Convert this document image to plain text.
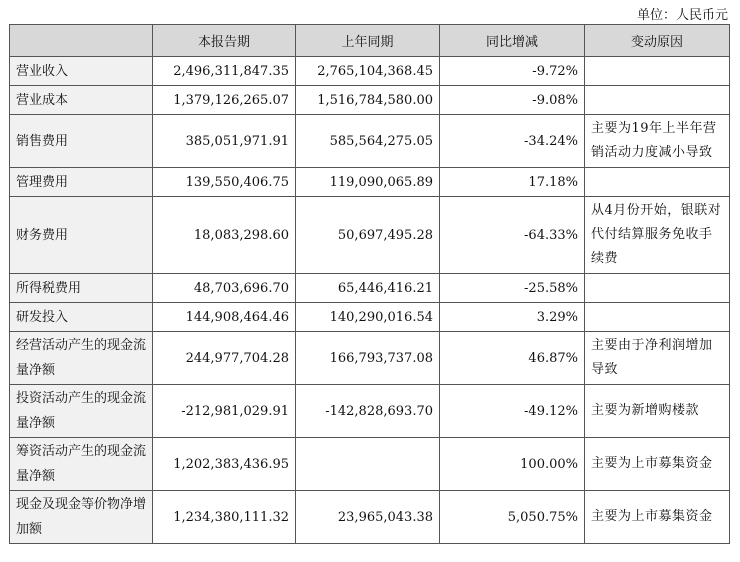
单位：人民币元
	本报告期	上年同期	同比增减	变动原因
营业收入	2,496,311,847.35	2,765,104,368.45	-9.72%	
营业成本	1,379,126,265.07	1,516,784,580.00	-9.08%	
销售费用	385,051,971.91	585,564,275.05	-34.24%	主要为19年上半年营销活动力度减小导致
管理费用	139,550,406.75	119,090,065.89	17.18%	
财务费用	18,083,298.60	50,697,495.28	-64.33%	从4月份开始，银联对代付结算服务免收手续费
所得税费用	48,703,696.70	65,446,416.21	-25.58%	
研发投入	144,908,464.46	140,290,016.54	3.29%	
经营活动产生的现金流量净额	244,977,704.28	166,793,737.08	46.87%	主要由于净利润增加导致
投资活动产生的现金流量净额	-212,981,029.91	-142,828,693.70	-49.12%	主要为新增购楼款
筹资活动产生的现金流量净额	1,202,383,436.95		100.00%	主要为上市募集资金
现金及现金等价物净增加额	1,234,380,111.32	23,965,043.38	5,050.75%	主要为上市募集资金
